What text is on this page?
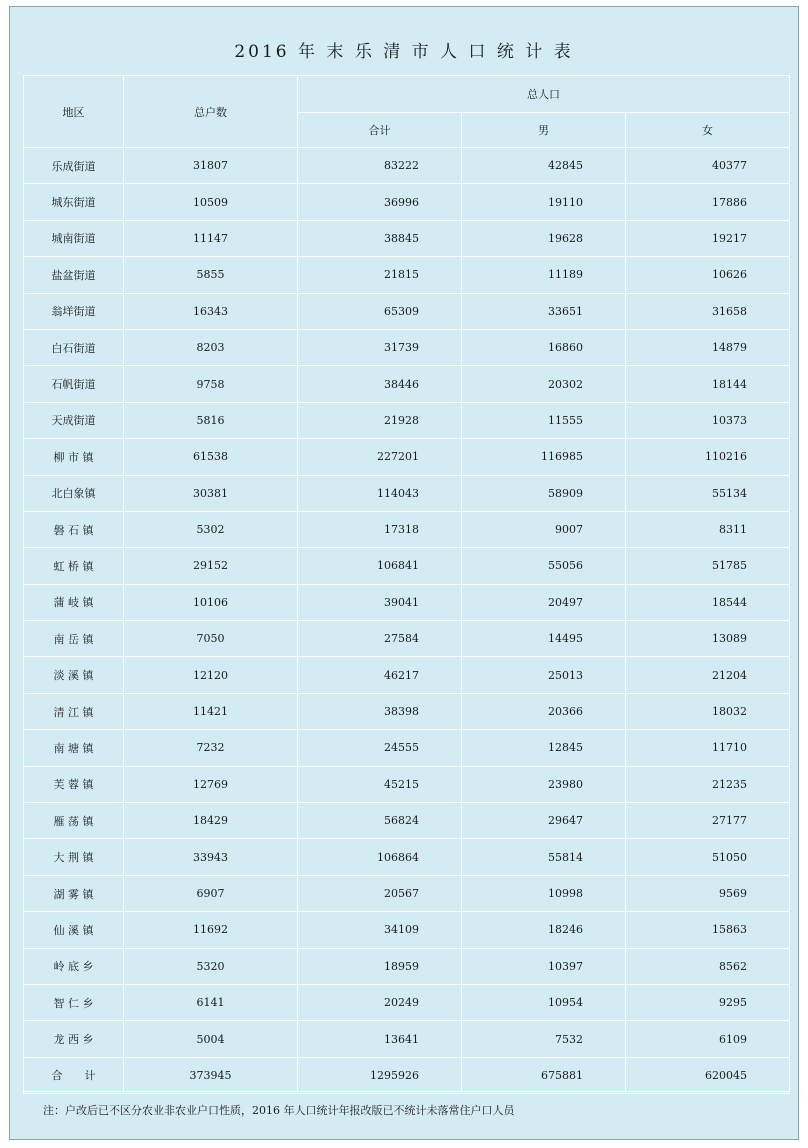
2016 年 末 乐 清 市 人 口 统 计 表
地区	总户数	总人口		
		合计	男	女
乐成街道	31807	83222	42845	40377
城东街道	10509	36996	19110	17886
城南街道	11147	38845	19628	19217
盐盆街道	5855	21815	11189	10626
翁垟街道	16343	65309	33651	31658
白石街道	8203	31739	16860	14879
石帆街道	9758	38446	20302	18144
天成街道	5816	21928	11555	10373
柳 市 镇	61538	227201	116985	110216
北白象镇	30381	114043	58909	55134
磐 石 镇	5302	17318	9007	8311
虹 桥 镇	29152	106841	55056	51785
蒲 岐 镇	10106	39041	20497	18544
南 岳 镇	7050	27584	14495	13089
淡 溪 镇	12120	46217	25013	21204
清 江 镇	11421	38398	20366	18032
南 塘 镇	7232	24555	12845	11710
芙 蓉 镇	12769	45215	23980	21235
雁 荡 镇	18429	56824	29647	27177
大 荆 镇	33943	106864	55814	51050
湖 雾 镇	6907	20567	10998	9569
仙 溪 镇	11692	34109	18246	15863
岭 底 乡	5320	18959	10397	8562
智 仁 乡	6141	20249	10954	9295
龙 西 乡	5004	13641	7532	6109
合　　计	373945	1295926	675881	620045
注：户改后已不区分农业非农业户口性质，2016 年人口统计年报改版已不统计未落常住户口人员
